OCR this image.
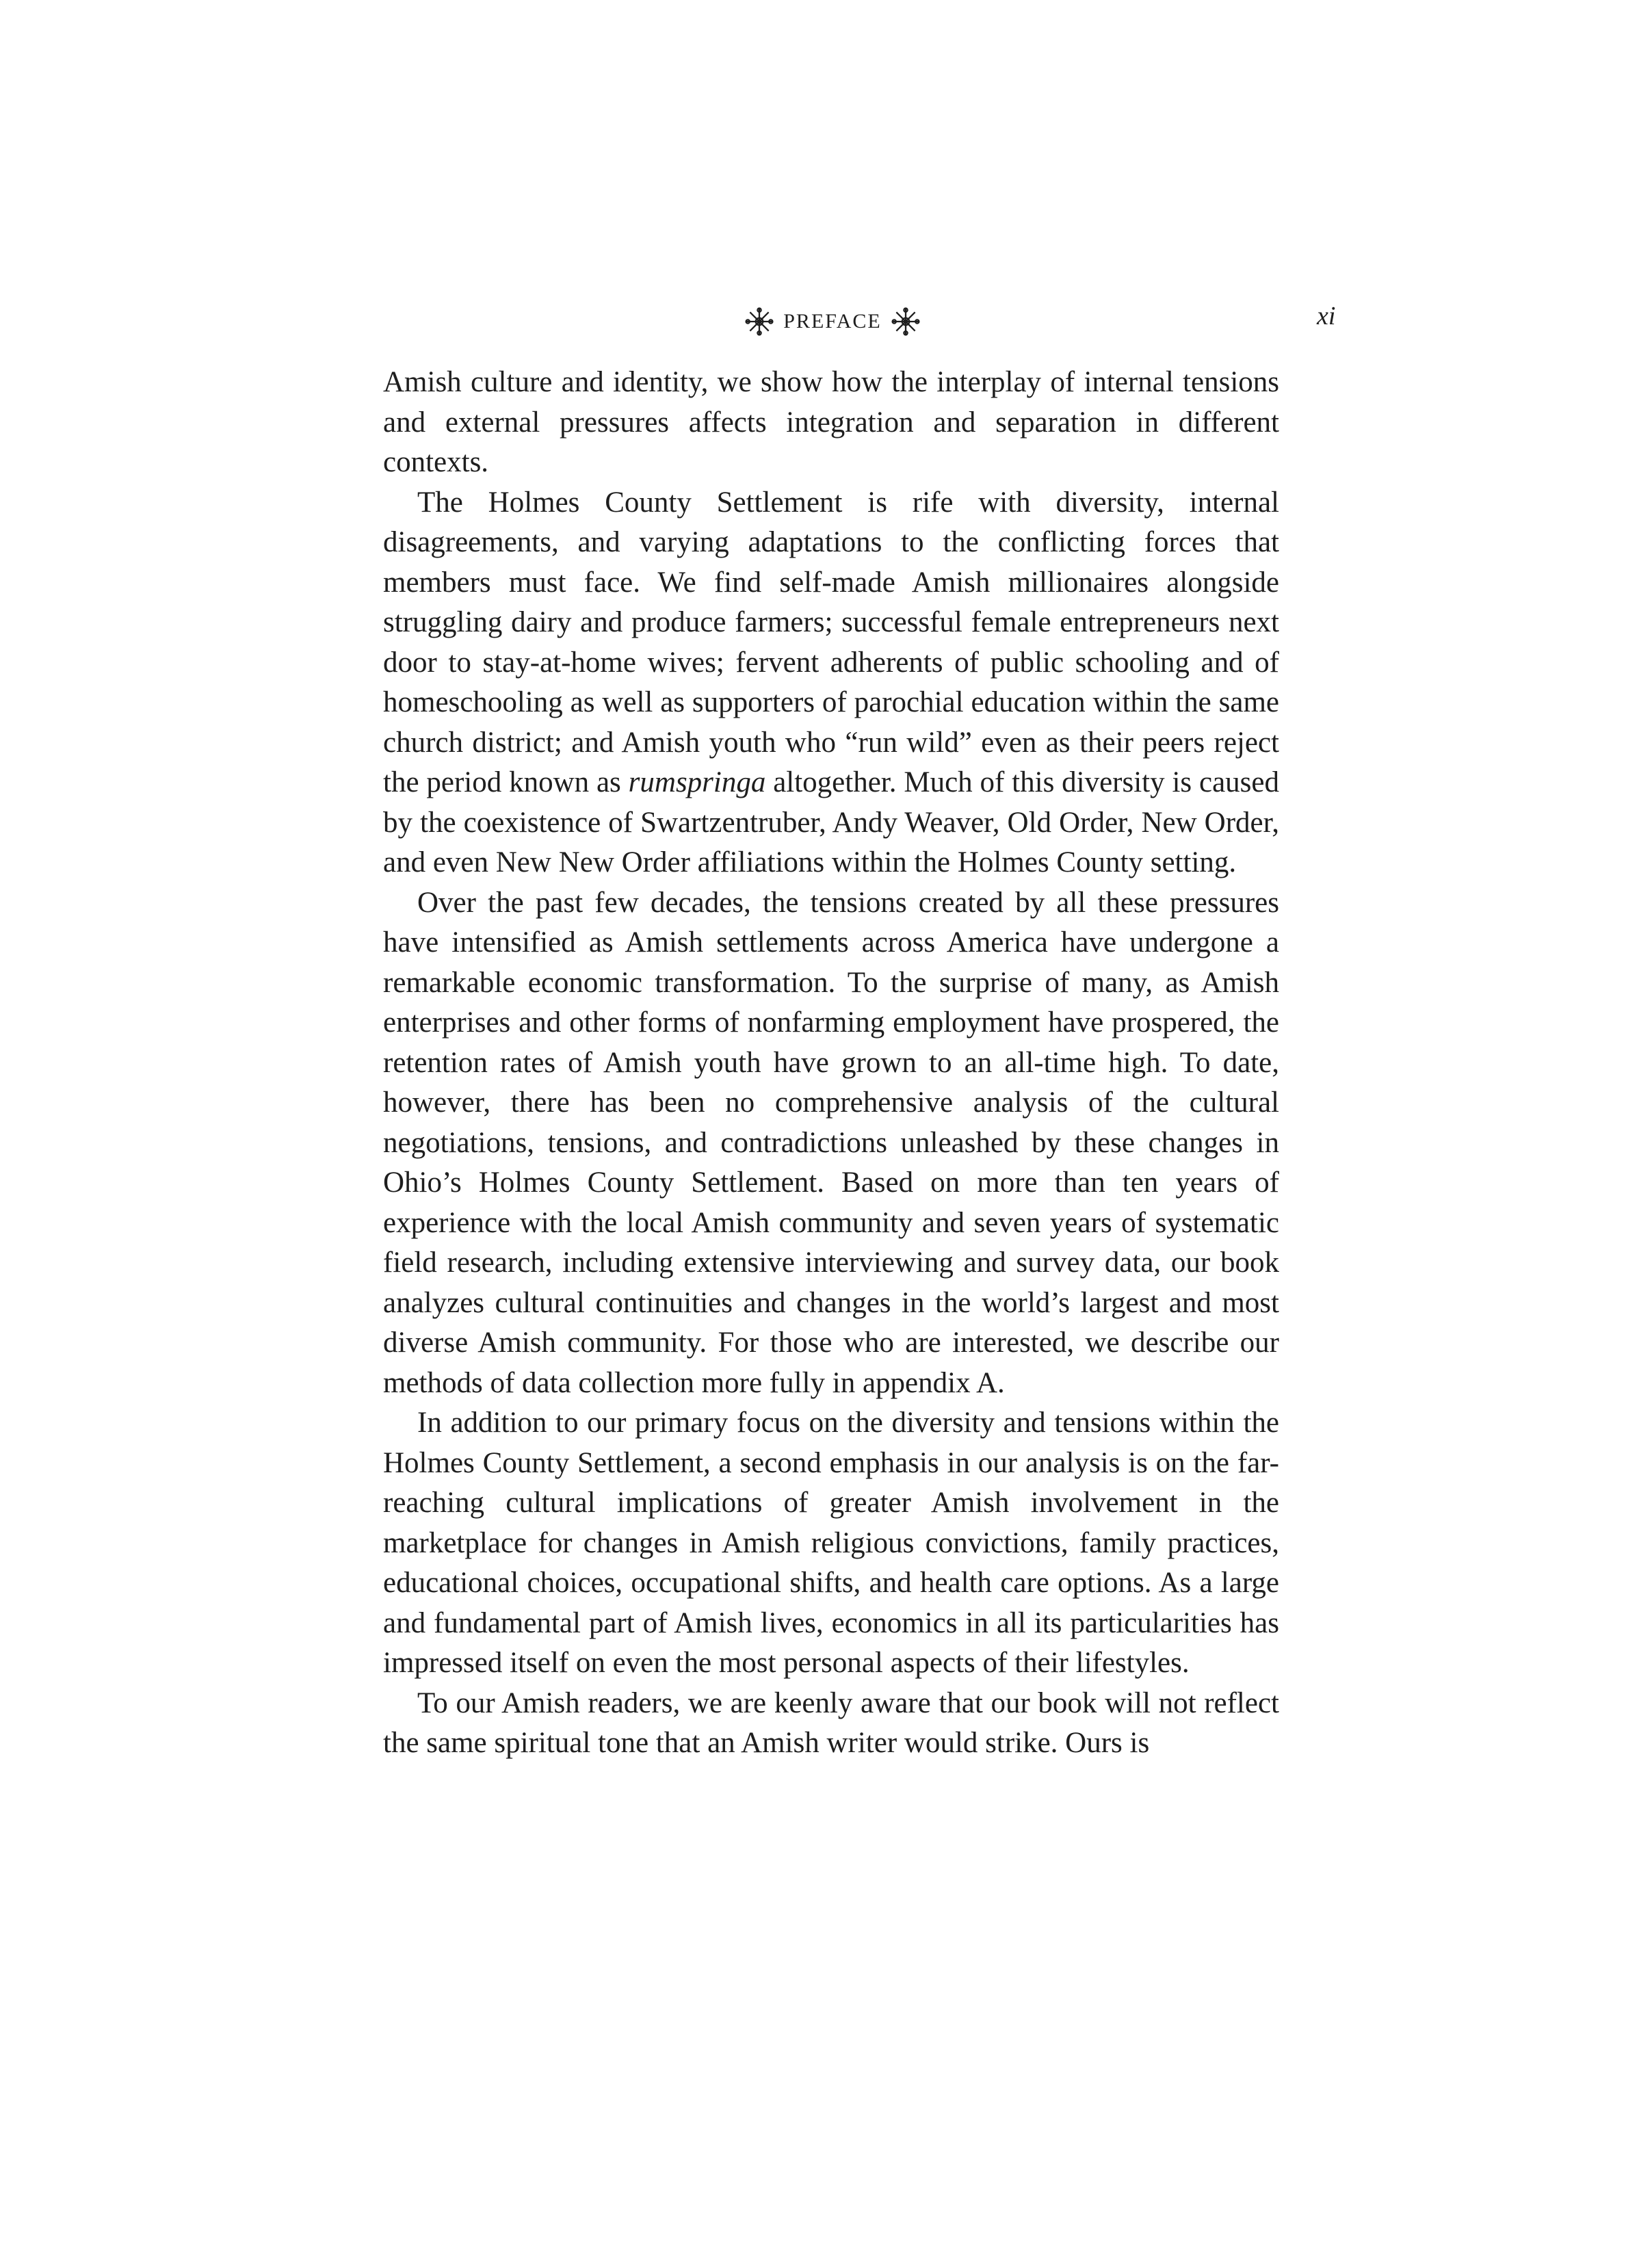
PREFACE	xi

Amish culture and identity, we show how the interplay of internal tensions and external pressures affects integration and separation in different contexts.

The Holmes County Settlement is rife with diversity, internal disagreements, and varying adaptations to the conflicting forces that members must face. We find self-made Amish millionaires alongside struggling dairy and produce farmers; successful female entrepreneurs next door to stay-at-home wives; fervent adherents of public schooling and of homeschooling as well as supporters of parochial education within the same church district; and Amish youth who “run wild” even as their peers reject the period known as rumspringa altogether. Much of this diversity is caused by the coexistence of Swartzentruber, Andy Weaver, Old Order, New Order, and even New New Order affiliations within the Holmes County setting.

Over the past few decades, the tensions created by all these pressures have intensified as Amish settlements across America have undergone a remarkable economic transformation. To the surprise of many, as Amish enterprises and other forms of nonfarming employment have prospered, the retention rates of Amish youth have grown to an all-time high. To date, however, there has been no comprehensive analysis of the cultural negotiations, tensions, and contradictions unleashed by these changes in Ohio’s Holmes County Settlement. Based on more than ten years of experience with the local Amish community and seven years of systematic field research, including extensive interviewing and survey data, our book analyzes cultural continuities and changes in the world’s largest and most diverse Amish community. For those who are interested, we describe our methods of data collection more fully in appendix A.

In addition to our primary focus on the diversity and tensions within the Holmes County Settlement, a second emphasis in our analysis is on the far-reaching cultural implications of greater Amish involvement in the marketplace for changes in Amish religious convictions, family practices, educational choices, occupational shifts, and health care options. As a large and fundamental part of Amish lives, economics in all its particularities has impressed itself on even the most personal aspects of their lifestyles.

To our Amish readers, we are keenly aware that our book will not reflect the same spiritual tone that an Amish writer would strike. Ours is
